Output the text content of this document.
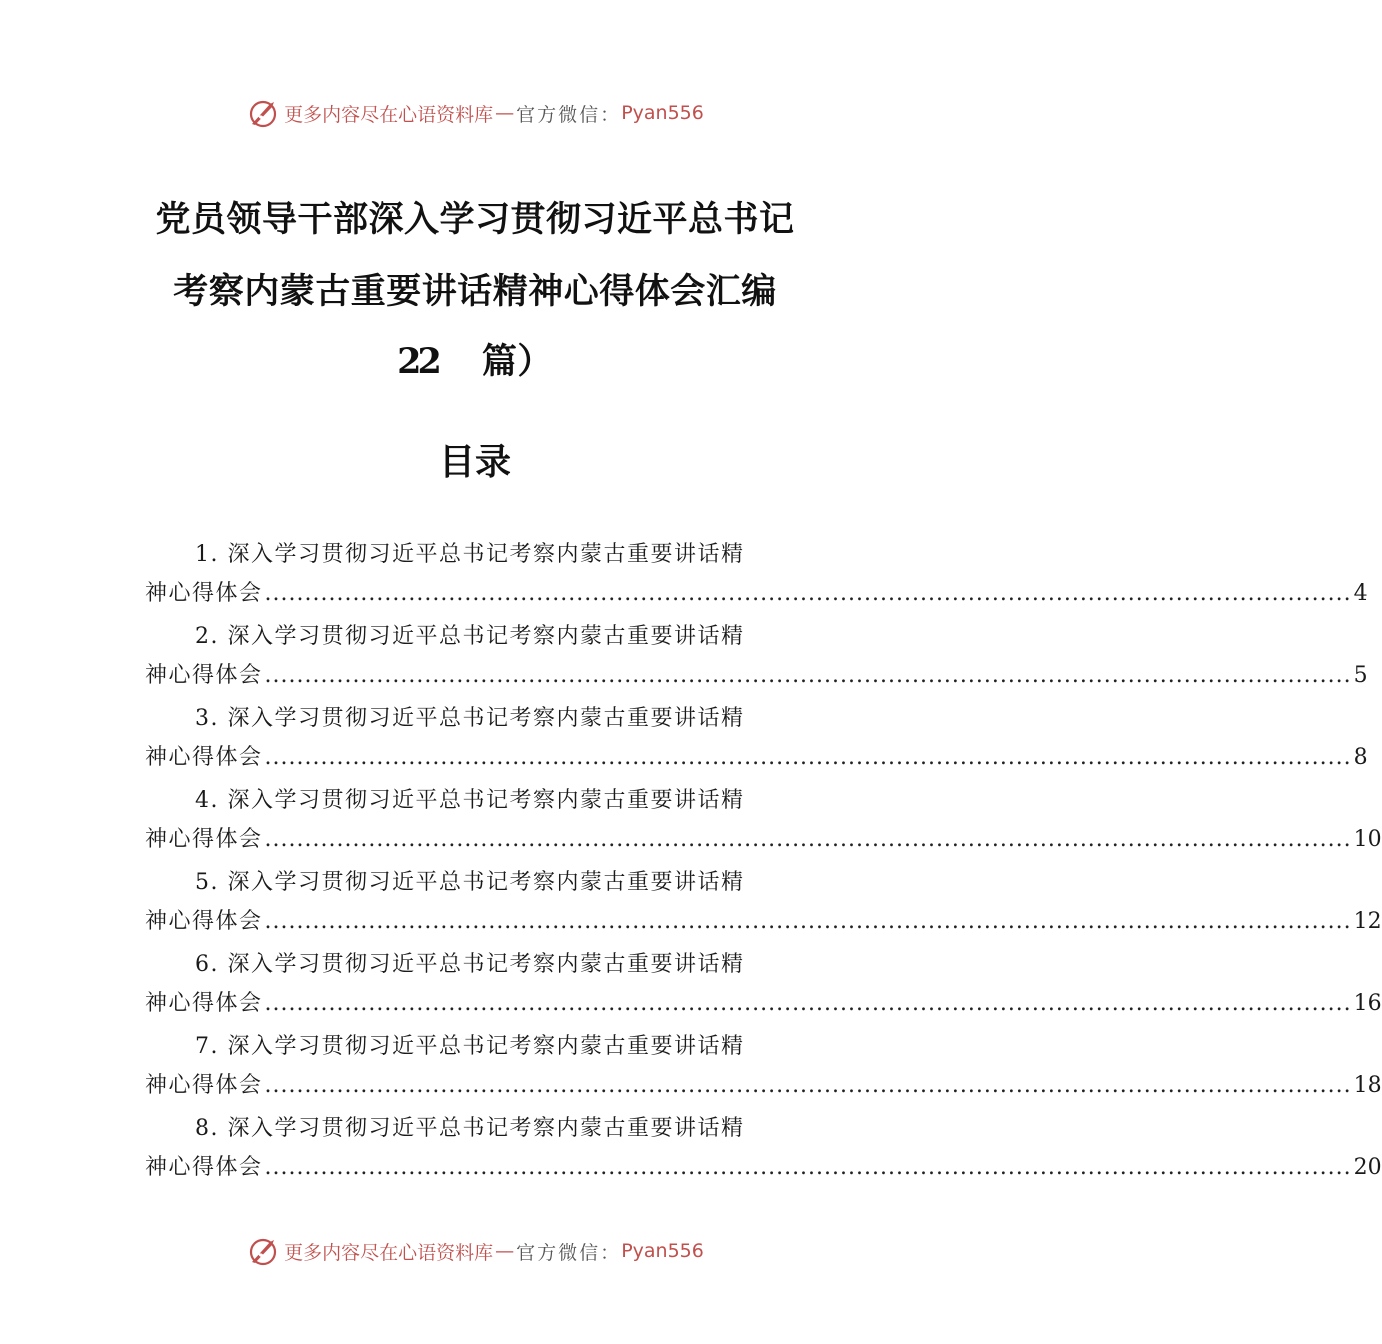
更多内容尽在心语资料库 — 官方微信： Pyan556
党员领导干部深入学习贯彻习近平总书记
考察内蒙古重要讲话精神心得体会汇编
22 篇）
目录
1. 深入学习贯彻习近平总书记考察内蒙古重要讲话精
神心得体会 ........................................................................................................................................ 4
2. 深入学习贯彻习近平总书记考察内蒙古重要讲话精
神心得体会 ........................................................................................................................................ 5
3. 深入学习贯彻习近平总书记考察内蒙古重要讲话精
神心得体会 ........................................................................................................................................ 8
4. 深入学习贯彻习近平总书记考察内蒙古重要讲话精
神心得体会 ........................................................................................................................................ 10
5. 深入学习贯彻习近平总书记考察内蒙古重要讲话精
神心得体会 ........................................................................................................................................ 12
6. 深入学习贯彻习近平总书记考察内蒙古重要讲话精
神心得体会 ........................................................................................................................................ 16
7. 深入学习贯彻习近平总书记考察内蒙古重要讲话精
神心得体会 ........................................................................................................................................ 18
8. 深入学习贯彻习近平总书记考察内蒙古重要讲话精
神心得体会 ........................................................................................................................................ 20
更多内容尽在心语资料库 — 官方微信： Pyan556
